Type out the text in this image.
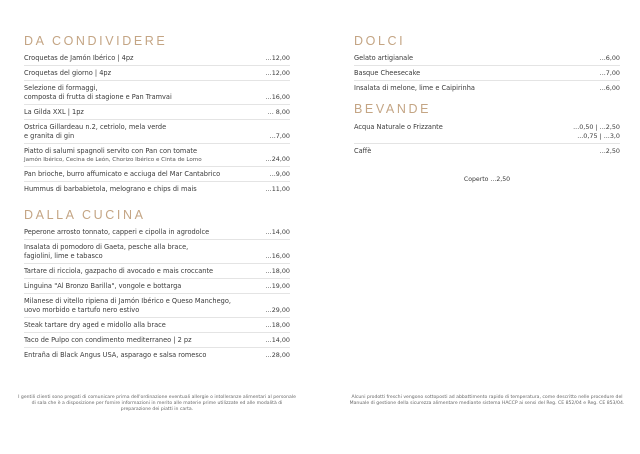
DA CONDIVIDERE
Croquetas de Jamón Ibérico | 4pz	...12,00
Croquetas del giorno | 4pz	...12,00
Selezione di formaggi,
composta di frutta di stagione e Pan Tramvai	...16,00
La Gilda XXL | 1pz	... 8,00
Ostrica Gillardeau n.2, cetriolo, mela verde
e granita di gin	...7,00
Piatto di salumi spagnoli servito con Pan con tomate
Jamón Ibérico, Cecina de León, Chorizo Ibérico e Cinta de Lomo	...24,00
Pan brioche, burro affumicato e acciuga del Mar Cantabrico	...9,00
Hummus di barbabietola, melograno e chips di mais	...11,00
DALLA CUCINA
Peperone arrosto tonnato, capperi e cipolla in agrodolce	...14,00
Insalata di pomodoro di Gaeta, pesche alla brace,
fagiolini, lime e tabasco	...16,00
Tartare di ricciola, gazpacho di avocado e mais croccante	...18,00
Linguina "Al Bronzo Barilla", vongole e bottarga	...19,00
Milanese di vitello ripiena di Jamón Ibérico e Queso Manchego,
uovo morbido e tartufo nero estivo	...29,00
Steak tartare dry aged e midollo alla brace	...18,00
Taco de Pulpo con condimento mediterraneo | 2 pz	...14,00
Entraña di Black Angus USA, asparago e salsa romesco	...28,00
I gentili clienti sono pregati di comunicare prima dell'ordinazione eventuali allergie o intolleranze alimentari al personale di sala che è a disposizione per fornire informazioni in merito alle materie prime utilizzate ed alle modalità di preparazione dei piatti in carta.
DOLCI
Gelato artigianale	...6,00
Basque Cheesecake	...7,00
Insalata di melone, lime e Caipirinha	...6,00
BEVANDE
Acqua Naturale o Frizzante	...0,50 | ...2,50
...0,75 | ...3,0
Caffè	...2,50
Coperto ...2,50
Alcuni prodotti freschi vengono sottoposti ad abbattimento rapido di temperatura, come descritto nelle procedure del Manuale di gestione della sicurezza alimentare mediante sistema HACCP ai sensi del Reg. CE 852/04 e Reg. CE 853/04.
